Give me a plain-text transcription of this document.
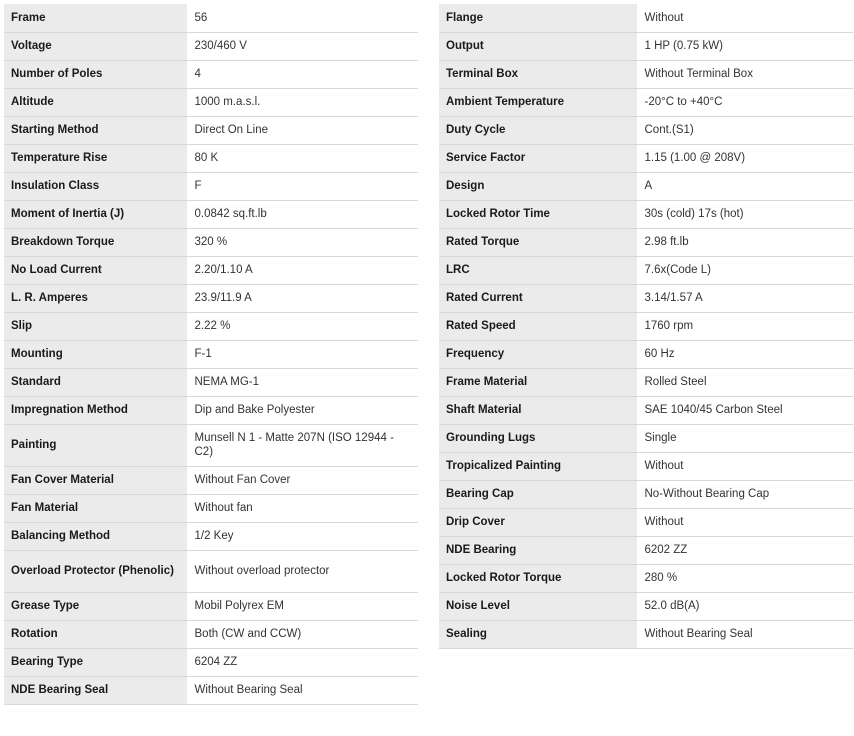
Frame	56
Voltage	230/460 V
Number of Poles	4
Altitude	1000 m.a.s.l.
Starting Method	Direct On Line
Temperature Rise	80 K
Insulation Class	F
Moment of Inertia (J)	0.0842 sq.ft.lb
Breakdown Torque	320 %
No Load Current	2.20/1.10 A
L. R. Amperes	23.9/11.9 A
Slip	2.22 %
Mounting	F-1
Standard	NEMA MG-1
Impregnation Method	Dip and Bake Polyester
Painting	Munsell N 1 - Matte 207N (ISO 12944 - C2)
Fan Cover Material	Without Fan Cover
Fan Material	Without fan
Balancing Method	1/2 Key
Overload Protector (Phenolic)	Without overload protector
Grease Type	Mobil Polyrex EM
Rotation	Both (CW and CCW)
Bearing Type	6204 ZZ
NDE Bearing Seal	Without Bearing Seal
Flange	Without
Output	1 HP (0.75 kW)
Terminal Box	Without Terminal Box
Ambient Temperature	-20°C to +40°C
Duty Cycle	Cont.(S1)
Service Factor	1.15 (1.00 @ 208V)
Design	A
Locked Rotor Time	30s (cold) 17s (hot)
Rated Torque	2.98 ft.lb
LRC	7.6x(Code L)
Rated Current	3.14/1.57 A
Rated Speed	1760 rpm
Frequency	60 Hz
Frame Material	Rolled Steel
Shaft Material	SAE 1040/45 Carbon Steel
Grounding Lugs	Single
Tropicalized Painting	Without
Bearing Cap	No-Without Bearing Cap
Drip Cover	Without
NDE Bearing	6202 ZZ
Locked Rotor Torque	280 %
Noise Level	52.0 dB(A)
Sealing	Without Bearing Seal
